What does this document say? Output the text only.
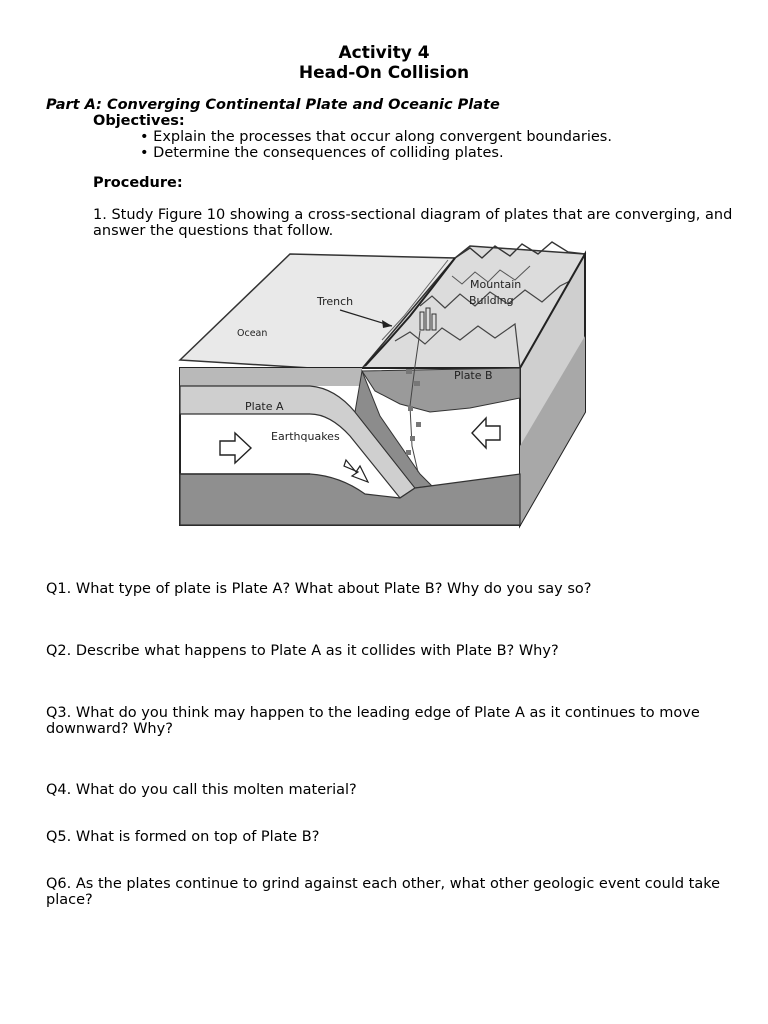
Activity 4
Head-On Collision
Part A: Converging Continental Plate and Oceanic Plate
Objectives:
• Explain the processes that occur along convergent boundaries.
• Determine the consequences of colliding plates.
Procedure:
1. Study Figure 10 showing a cross-sectional diagram of plates that are converging, and answer the questions that follow.
Trench
Mountain
Building
Ocean
Plate B
Plate A
Earthquakes
Q1. What type of plate is Plate A? What about Plate B? Why do you say so?
Q2. Describe what happens to Plate A as it collides with Plate B? Why?
Q3. What do you think may happen to the leading edge of Plate A as it continues to move downward? Why?
Q4. What do you call this molten material?
Q5. What is formed on top of Plate B?
Q6. As the plates continue to grind against each other, what other geologic event could take place?
